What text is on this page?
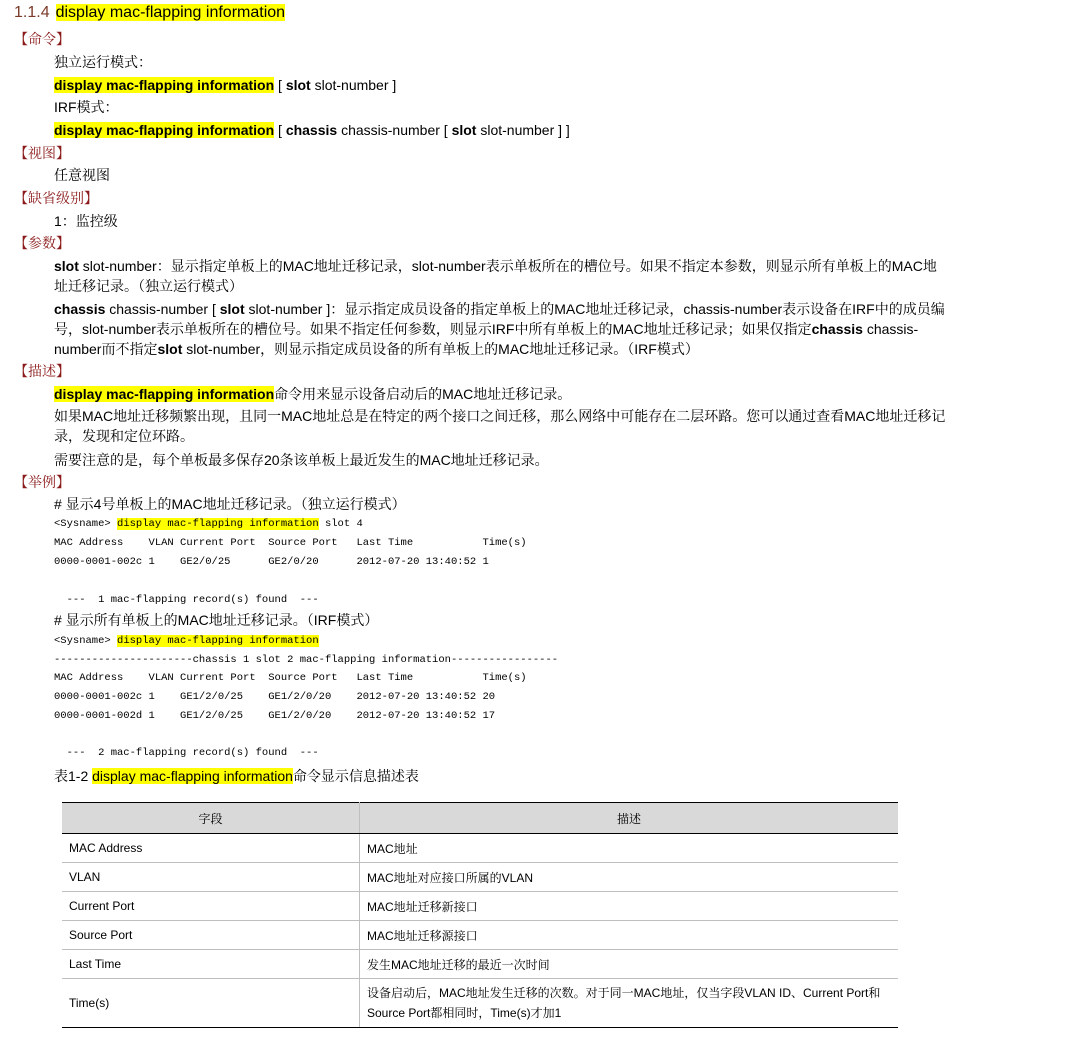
1.1.4 display mac-flapping information
【命令】
独立运行模式：
display mac-flapping information [ slot slot-number ]
IRF模式：
display mac-flapping information [ chassis chassis-number [ slot slot-number ] ]
【视图】
任意视图
【缺省级别】
1：监控级
【参数】
slot slot-number：显示指定单板上的MAC地址迁移记录，slot-number表示单板所在的槽位号。如果不指定本参数，则显示所有单板上的MAC地址迁移记录。（独立运行模式）
chassis chassis-number [ slot slot-number ]：显示指定成员设备的指定单板上的MAC地址迁移记录，chassis-number表示设备在IRF中的成员编号，slot-number表示单板所在的槽位号。如果不指定任何参数，则显示IRF中所有单板上的MAC地址迁移记录；如果仅指定chassis chassis-number而不指定slot slot-number，则显示指定成员设备的所有单板上的MAC地址迁移记录。（IRF模式）
【描述】
display mac-flapping information命令用来显示设备启动后的MAC地址迁移记录。
如果MAC地址迁移频繁出现，且同一MAC地址总是在特定的两个接口之间迁移，那么网络中可能存在二层环路。您可以通过查看MAC地址迁移记录，发现和定位环路。
需要注意的是，每个单板最多保存20条该单板上最近发生的MAC地址迁移记录。
【举例】
# 显示4号单板上的MAC地址迁移记录。（独立运行模式）
<Sysname> display mac-flapping information slot 4
MAC Address    VLAN Current Port  Source Port   Last Time           Time(s)
0000-0001-002c 1    GE2/0/25      GE2/0/20      2012-07-20 13:40:52 1
---  1 mac-flapping record(s) found  ---
# 显示所有单板上的MAC地址迁移记录。（IRF模式）
<Sysname> display mac-flapping information
----------------------chassis 1 slot 2 mac-flapping information-----------------
MAC Address    VLAN Current Port  Source Port   Last Time           Time(s)
0000-0001-002c 1    GE1/2/0/25    GE1/2/0/20    2012-07-20 13:40:52 20
0000-0001-002d 1    GE1/2/0/25    GE1/2/0/20    2012-07-20 13:40:52 17
---  2 mac-flapping record(s) found  ---
表1-2 display mac-flapping information命令显示信息描述表
字段	描述
MAC Address	MAC地址
VLAN	MAC地址对应接口所属的VLAN
Current Port	MAC地址迁移新接口
Source Port	MAC地址迁移源接口
Last Time	发生MAC地址迁移的最近一次时间
Time(s)	设备启动后，MAC地址发生迁移的次数。对于同一MAC地址，仅当字段VLAN ID、Current Port和Source Port都相同时，Time(s)才加1
